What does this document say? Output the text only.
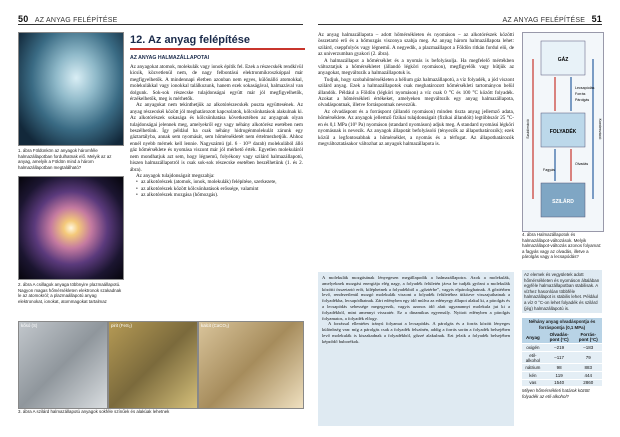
50 AZ ANYAG FELÉPÍTÉSE	AZ ANYAG FELÉPÍTÉSE 51
1. ábra Földünkön az anyagok háromféle halmazállapotban fordulhatnak elő. Melyik az az anyag, amelyik a Földön mind a három halmazállapotban megtalálható?
2. ábra A csillagok anyaga többnyire plazmaállapotú. Nagyon magas hőmérsékleten elektronok szakadnak le az atomokról; a plazmaállapotú anyag elektronokat, ionokat, atommagokat tartalmaz
kősó (S)	pirit (FeS₂)	kalcit (CaCO₃)
3. ábra A szilárd halmazállapotú anyagok sokféle színűek és alakúak lehetnek
12. Az anyag felépítése
AZ ANYAG HALMAZÁLLAPOTAI

Az anyagokat atomok, molekulák vagy ionok építik fel. Ezek a részecskék rendkívül kicsik, közvetlenül nem, de nagy felbontású elektronmikroszkóppal már megfigyelhetők. A mindennapi életben azonban nem egyes, különálló atomokkal, molekulákkal vagy ionokkal találkozunk, hanem ezek sokaságával, halmazával van dolgunk. Sok-sok részecske tulajdonságai együtt már jól megfigyelhetők, érzékelhetők, meg is mérhetők.

Az anyagokat nem tekinthetjük az alkotórészecskék puszta együttesének. Az anyag részecskéi között jól meghatározott kapcsolatok, kölcsönhatások alakulnak ki. Az alkotórészek sokasága és kölcsönhatása következtében az anyagnak olyan tulajdonságai jelennek meg, amelyekről egy vagy néhány alkotórész esetében nem beszélhetünk. Így például ha csak néhány hidrogénmolekulát zárunk egy gáztartályba, annak sem nyomását, sem hőmérsékletét nem értelmezhetjük. Ahhoz ennél nyebb mérnek kell lennie. Nagyszámú (pl. 6 · 10²³ darab) molekulából álló gáz hőmérséklete és nyomása viszont már jól mérhető érték. Egyetlen molekuláról nem mondhatjuk azt sem, hogy légnemű, folyékony vagy szilárd halmazállapotú, hiszen halmazállapotról is csak sok-sok részecske esetében beszélhetünk (1. és 2. ábra).

Az anyagok tulajdonságait megszabja:

• az alkotórészek (atomok, ionok, molekulák) felépítése, szerkezete,
• az alkotórészek között kölcsönhatások erőssége, valamint
• az alkotórészek mozgása (hőmozgás).

Az anyag halmazállapota – adott hőmérsékleten és nyomáson – az alkotórészek közötti összetartó erő és a hőmozgás viszonya szabja meg. Az anyag három halmazállapota lehet: szilárd, cseppfolyós vagy légnemű. A negyedik, a plazmaállapot a Földön ritkán fordul elő, de az univerzumban gyakori (2. ábra).

A halmazállapot a hőmérséklet és a nyomás is befolyásolja. Ha megfelelő mértékben változtatjuk a hőmérsékletet (állandó légköri nyomáson), megfigyelők vagy hűtjük az anyagokat, megváltozik a halmazállapotuk is.

Tudjuk, hogy szobahőmérsékleten a hélium gáz halmazállapotú, a víz folyadék, a jód viszont szilárd anyag. Ezek a halmazállapotok csak meghatározott hőmérsékleti tartományon belül állandók. Például a Földön (légköri nyomáson) a víz csak 0 °C és 100 °C között folyadék. Azokat a hőmérsékleti értékeket, amelyeken megváltozik egy anyag halmazállapota, olvadáspontnak, illetve forráspontnak nevezzük.

Az olvadáspont és a forráspont (állandó nyomáson) minden tiszta anyag jellemző adata, hőmérséklete. Az anyagok jellemző fizikai tulajdonságait (fizikai állandóit) legtöbbször 25 °C-en és 0,1 MPa (10⁵ Pa) nyomáson (standard nyomáson) adjuk meg. A standard nyomású légköri nyomásnak is nevezik. Az anyagok állapotát befolyásoló (tényezők az állapothatározók); ezek közül a legfontosabbak a hőmérséklet, a nyomás és a térfogat. Az állapothatározók megváltoztatásakor változhat az anyagok halmazállapota is.

A molekulák mozgásának lényegesen megállapodik a halmazállapotra. Azok a molekulák, amelyeknek mozgási energiája elég nagy, a folyadék felületén járva be tudják győzni a molekulák közötti összetartó erőt, kiléphetnek a folyadékból a „gőztérbe”, vagyis elpárologhatnak. A gőztérben levő, rendezetlenül mozgó molekulák viszont a folyadék felületéhez ütközve visszajuthatnak a folyadékba, lecsapódhatnak. Zárt edényben egy idő múlva az edényegy állapot alakul ki, a párolgás és a lecsapódás sebessége megegyezik, vagyis azonos idő alatt ugyanannyi molekula jut ki a folyadékból, mint amennyi visszatér. Ez a dinamikus egyensúly. Nyitott edényben a párolgás folyamatos, a folyadék elfogy.

A forrással ellentétes irányú folyamat a lecsapódás. A párolgás és a forrás között lényeges különbség van: míg a párolgás csak a folyadék felszínén, addig a forrás során a folyadék belsejében levő molekulák is kiszakadnak a folyadékból, gőzzé alakulnak. Ezt jelzik a folyadék belsejében képződő buborékok.

GÁZ
FOLYADÉK
SZILÁRD
Lecsapódás
Forrás
Párolgás
Olvadás
Fagyás
Szublimáció	Kondenzáció
4. ábra Halmazállapotok és halmazállapot-változások. Melyik halmazállapot-változás azonos folyamat: a fagyás vagy az olvadás, illetve a párolgás vagy a lecsapódás?
Az elemek és vegyületek adott hőmérsékleten és nyomáson általában egyféle halmazállapotban stabilisak. A vízhez hasonlóan többféle halmazállapot is stabilis lehet. Például a víz 0 °C-on lehet folyadék és szilárd (jég) halmazállapotú is.
Néhány anyag olvadáspontja és forráspontja (0,1 MPa)
Anyag	Olvadás-pont (°C)	Forrás-pont (°C)
oxigén	–219	–183
etil-alkohol	–117	79
nátrium	98	883
kén	119	444
vas	1540	2860
Milyen hőmérsékleti határok között folyadék az etil-alkohol?
